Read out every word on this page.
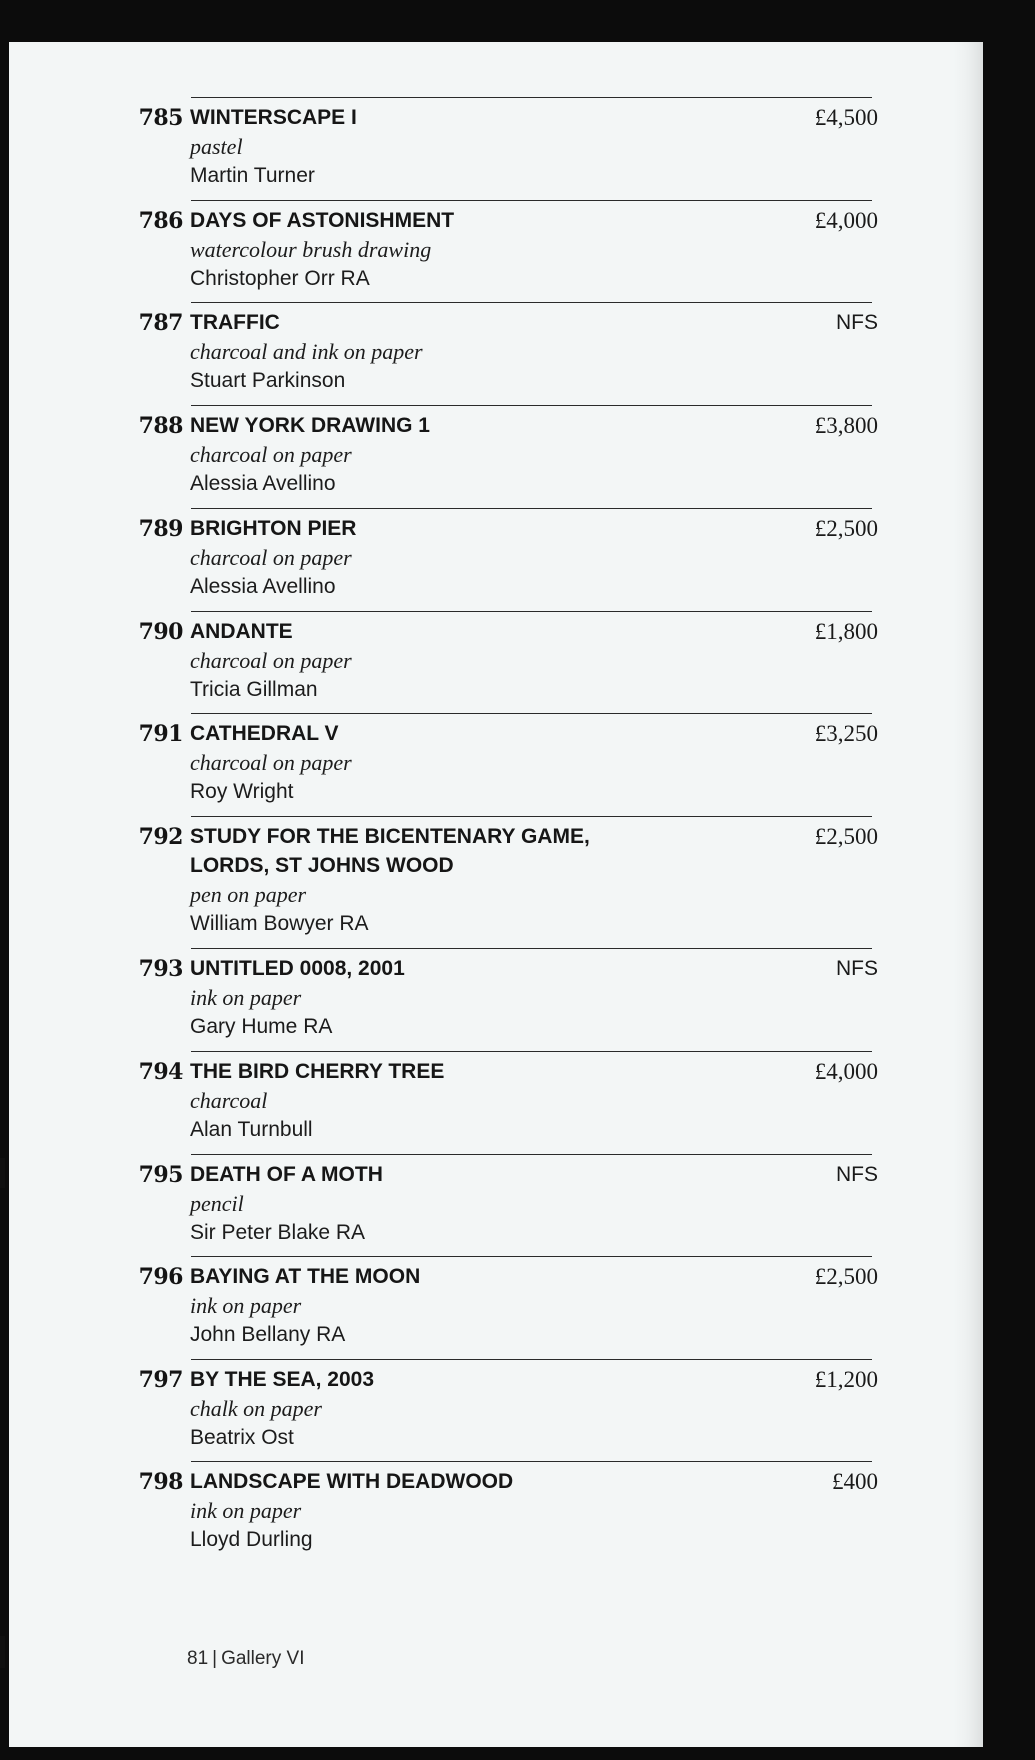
785 WINTERSCAPE I
pastel
Martin Turner
£4,500
786 DAYS OF ASTONISHMENT
watercolour brush drawing
Christopher Orr RA
£4,000
787 TRAFFIC
charcoal and ink on paper
Stuart Parkinson
NFS
788 NEW YORK DRAWING 1
charcoal on paper
Alessia Avellino
£3,800
789 BRIGHTON PIER
charcoal on paper
Alessia Avellino
£2,500
790 ANDANTE
charcoal on paper
Tricia Gillman
£1,800
791 CATHEDRAL V
charcoal on paper
Roy Wright
£3,250
792 STUDY FOR THE BICENTENARY GAME,
LORDS, ST JOHNS WOOD
pen on paper
William Bowyer RA
£2,500
793 UNTITLED 0008, 2001
ink on paper
Gary Hume RA
NFS
794 THE BIRD CHERRY TREE
charcoal
Alan Turnbull
£4,000
795 DEATH OF A MOTH
pencil
Sir Peter Blake RA
NFS
796 BAYING AT THE MOON
ink on paper
John Bellany RA
£2,500
797 BY THE SEA, 2003
chalk on paper
Beatrix Ost
£1,200
798 LANDSCAPE WITH DEADWOOD
ink on paper
Lloyd Durling
£400
81 | Gallery VI
